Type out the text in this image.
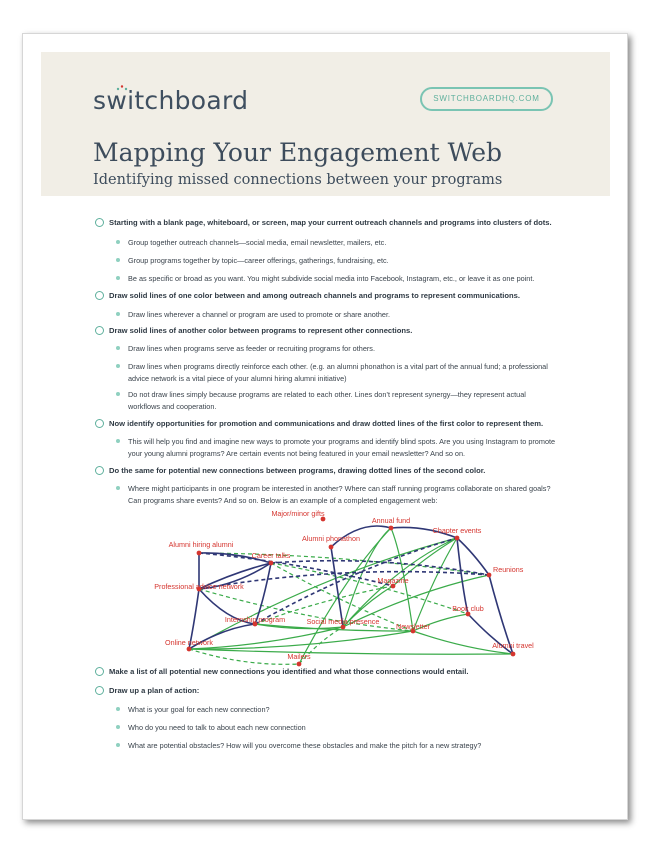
switchboard	SWITCHBOARDHQ.COM
Mapping Your Engagement Web
Identifying missed connections between your programs
Starting with a blank page, whiteboard, or screen, map your current outreach channels and programs into clusters of dots.
Group together outreach channels—social media, email newsletter, mailers, etc.
Group programs together by topic—career offerings, gatherings, fundraising, etc.
Be as specific or broad as you want. You might subdivide social media into Facebook, Instagram, etc., or leave it as one point.
Draw solid lines of one color between and among outreach channels and programs to represent communications.
Draw lines wherever a channel or program are used to promote or share another.
Draw solid lines of another color between programs to represent other connections.
Draw lines when programs serve as feeder or recruiting programs for others.
Draw lines when programs directly reinforce each other. (e.g. an alumni phonathon is a vital part of the annual fund; a professional advice network is a vital piece of your alumni hiring alumni initiative)
Do not draw lines simply because programs are related to each other. Lines don’t represent synergy—they represent actual workflows and cooperation.
Now identify opportunities for promotion and communications and draw dotted lines of the first color to represent them.
This will help you find and imagine new ways to promote your programs and identify blind spots. Are you using Instagram to promote your young alumni programs? Are certain events not being featured in your email newsletter? And so on.
Do the same for potential new connections between programs, drawing dotted lines of the second color.
Where might participants in one program be interested in another? Where can staff running programs collaborate on shared goals? Can programs share events? And so on. Below is an example of a completed engagement web:
Major/minor gifts
Annual fund
Chapter events
Alumni phonathon
Alumni hiring alumni
Career talks
Reunions
Professional advice network
Magazine
Book club
Internship program	Social media presence
Newsletter
Online network	Alumni travel
Mailers
Make a list of all potential new connections you identified and what those connections would entail.
Draw up a plan of action:
What is your goal for each new connection?
Who do you need to talk to about each new connection
What are potential obstacles? How will you overcome these obstacles and make the pitch for a new strategy?
